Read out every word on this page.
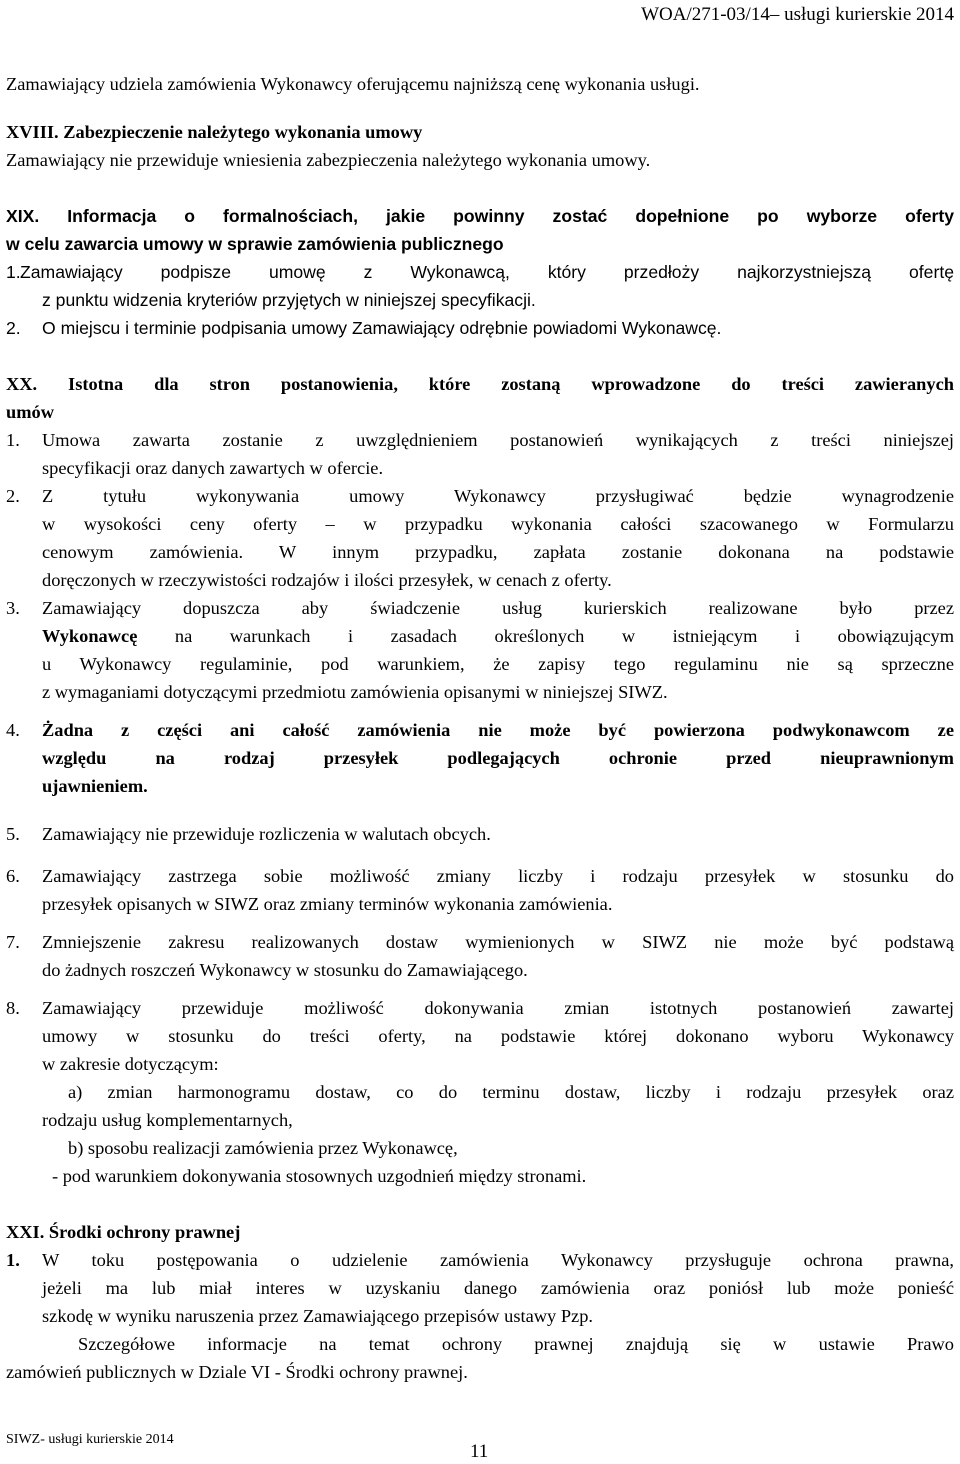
WOA/271-03/14– usługi kurierskie 2014
Zamawiający udziela zamówienia Wykonawcy oferującemu najniższą cenę wykonania usługi.
XVIII. Zabezpieczenie należytego wykonania umowy
Zamawiający nie przewiduje wniesienia zabezpieczenia należytego wykonania umowy.
XIX. Informacja o formalnościach, jakie powinny zostać dopełnione po wyborze oferty
w celu zawarcia umowy w sprawie zamówienia publicznego
1. Zamawiający podpisze umowę z Wykonawcą, który przedłoży najkorzystniejszą ofertę
z punktu widzenia kryteriów przyjętych w niniejszej specyfikacji.
2. O miejscu i terminie podpisania umowy Zamawiający odrębnie powiadomi Wykonawcę.
XX. Istotna dla stron postanowienia, które zostaną wprowadzone do treści zawieranych
umów
1. Umowa zawarta zostanie z uwzględnieniem postanowień wynikających z treści niniejszej
specyfikacji oraz danych zawartych w ofercie.
2. Z tytułu wykonywania umowy Wykonawcy przysługiwać będzie wynagrodzenie
w wysokości ceny oferty – w przypadku wykonania całości szacowanego w Formularzu
cenowym zamówienia. W innym przypadku, zapłata zostanie dokonana na podstawie
doręczonych w rzeczywistości rodzajów i ilości przesyłek, w cenach z oferty.
3. Zamawiający dopuszcza aby świadczenie usług kurierskich realizowane było przez
Wykonawcę na warunkach i zasadach określonych w istniejącym i obowiązującym
u Wykonawcy regulaminie, pod warunkiem, że zapisy tego regulaminu nie są sprzeczne
z wymaganiami dotyczącymi przedmiotu zamówienia opisanymi w niniejszej SIWZ.
4. Żadna z części ani całość zamówienia nie może być powierzona podwykonawcom ze
względu na rodzaj przesyłek podlegających ochronie przed nieuprawnionym
ujawnieniem.
5. Zamawiający nie przewiduje rozliczenia w walutach obcych.
6. Zamawiający zastrzega sobie możliwość zmiany liczby i rodzaju przesyłek w stosunku do
przesyłek opisanych w SIWZ oraz zmiany terminów wykonania zamówienia.
7. Zmniejszenie zakresu realizowanych dostaw wymienionych w SIWZ nie może być podstawą
do żadnych roszczeń Wykonawcy w stosunku do Zamawiającego.
8. Zamawiający przewiduje możliwość dokonywania zmian istotnych postanowień zawartej
umowy w stosunku do treści oferty, na podstawie której dokonano wyboru Wykonawcy
w zakresie dotyczącym:
a) zmian harmonogramu dostaw, co do terminu dostaw, liczby i rodzaju przesyłek oraz
rodzaju usług komplementarnych,
b) sposobu realizacji zamówienia przez Wykonawcę,
- pod warunkiem dokonywania stosownych uzgodnień między stronami.
XXI. Środki ochrony prawnej
1. W toku postępowania o udzielenie zamówienia Wykonawcy przysługuje ochrona prawna,
jeżeli ma lub miał interes w uzyskaniu danego zamówienia oraz poniósł lub może ponieść
szkodę w wyniku naruszenia przez Zamawiającego przepisów ustawy Pzp.
Szczegółowe informacje na temat ochrony prawnej znajdują się w ustawie Prawo
zamówień publicznych w Dziale VI - Środki ochrony prawnej.
SIWZ- usługi kurierskie 2014
11
